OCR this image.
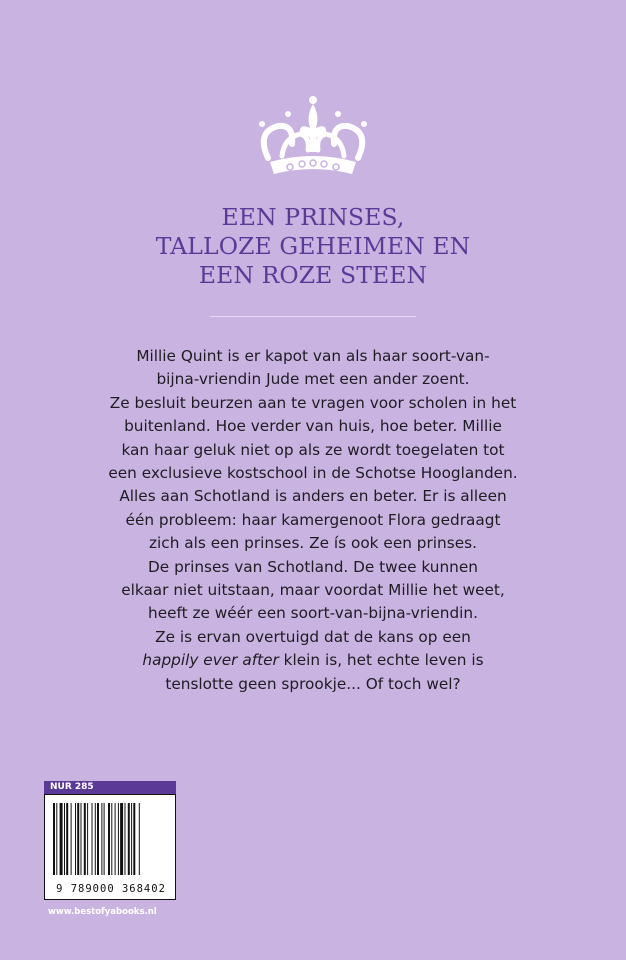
EEN PRINSES,
TALLOZE GEHEIMEN EN
EEN ROZE STEEN
Millie Quint is er kapot van als haar soort-van-
bijna-vriendin Jude met een ander zoent.
Ze besluit beurzen aan te vragen voor scholen in het
buitenland. Hoe verder van huis, hoe beter. Millie
kan haar geluk niet op als ze wordt toegelaten tot
een exclusieve kostschool in de Schotse Hooglanden.
Alles aan Schotland is anders en beter. Er is alleen
één probleem: haar kamergenoot Flora gedraagt
zich als een prinses. Ze ís ook een prinses.
De prinses van Schotland. De twee kunnen
elkaar niet uitstaan, maar voordat Millie het weet,
heeft ze wéér een soort-van-bijna-vriendin.
Ze is ervan overtuigd dat de kans op een
happily ever after klein is, het echte leven is
tenslotte geen sprookje... Of toch wel?
NUR 285
9 789000 368402
www.bestofyabooks.nl
